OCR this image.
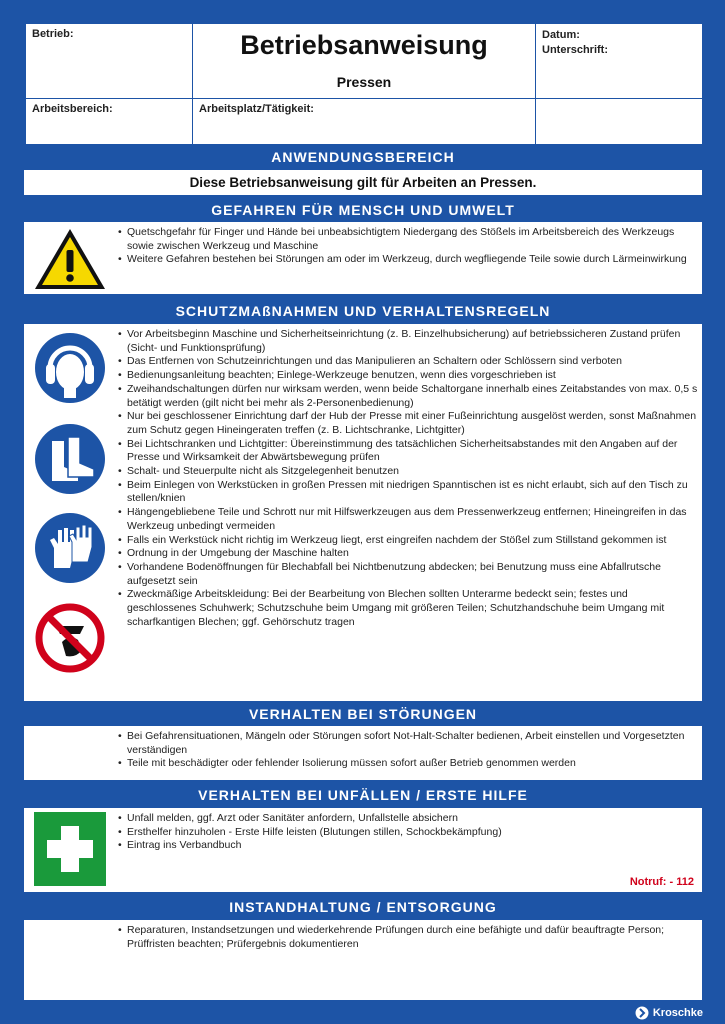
Betrieb:	Betriebsanweisung
Pressen
Datum:
Unterschrift:
Arbeitsbereich:	Arbeitsplatz/Tätigkeit:
ANWENDUNGSBEREICH
Diese Betriebsanweisung gilt für Arbeiten an Pressen.
GEFAHREN FÜR MENSCH UND UMWELT
• Quetschgefahr für Finger und Hände bei unbeabsichtigtem Niedergang des Stößels im Arbeitsbereich des Werkzeugs sowie zwischen Werkzeug und Maschine
• Weitere Gefahren bestehen bei Störungen am oder im Werkzeug, durch wegfliegende Teile sowie durch Lärmeinwirkung
SCHUTZMAßNAHMEN UND VERHALTENSREGELN
• Vor Arbeitsbeginn Maschine und Sicherheitseinrichtung (z. B. Einzelhubsicherung) auf betriebssicheren Zustand prüfen (Sicht- und Funktionsprüfung)
• Das Entfernen von Schutzeinrichtungen und das Manipulieren an Schaltern oder Schlössern sind verboten
• Bedienungsanleitung beachten; Einlege-Werkzeuge benutzen, wenn dies vorgeschrieben ist
• Zweihandschaltungen dürfen nur wirksam werden, wenn beide Schaltorgane innerhalb eines Zeitabstandes von max. 0,5 s betätigt werden (gilt nicht bei mehr als 2-Personenbedienung)
• Nur bei geschlossener Einrichtung darf der Hub der Presse mit einer Fußeinrichtung ausgelöst werden, sonst Maßnahmen zum Schutz gegen Hineingeraten treffen (z. B. Lichtschranke, Lichtgitter)
• Bei Lichtschranken und Lichtgitter: Übereinstimmung des tatsächlichen Sicherheitsabstandes mit den Angaben auf der Presse und Wirksamkeit der Abwärtsbewegung prüfen
• Schalt- und Steuerpulte nicht als Sitzgelegenheit benutzen
• Beim Einlegen von Werkstücken in großen Pressen mit niedrigen Spanntischen ist es nicht erlaubt, sich auf den Tisch zu stellen/knien
• Hängengebliebene Teile und Schrott nur mit Hilfswerkzeugen aus dem Pressenwerkzeug entfernen; Hineingreifen in das Werkzeug unbedingt vermeiden
• Falls ein Werkstück nicht richtig im Werkzeug liegt, erst eingreifen nachdem der Stößel zum Stillstand gekommen ist
• Ordnung in der Umgebung der Maschine halten
• Vorhandene Bodenöffnungen für Blechabfall bei Nichtbenutzung abdecken; bei Benutzung muss eine Abfallrutsche aufgesetzt sein
• Zweckmäßige Arbeitskleidung: Bei der Bearbeitung von Blechen sollten Unterarme bedeckt sein; festes und geschlossenes Schuhwerk; Schutzschuhe beim Umgang mit größeren Teilen; Schutzhandschuhe beim Umgang mit scharfkantigen Blechen; ggf. Gehörschutz tragen
VERHALTEN BEI STÖRUNGEN
• Bei Gefahrensituationen, Mängeln oder Störungen sofort Not-Halt-Schalter bedienen, Arbeit einstellen und Vorgesetzten verständigen
• Teile mit beschädigter oder fehlender Isolierung müssen sofort außer Betrieb genommen werden
VERHALTEN BEI UNFÄLLEN / ERSTE HILFE
• Unfall melden, ggf. Arzt oder Sanitäter anfordern, Unfallstelle absichern
• Ersthelfer hinzuholen - Erste Hilfe leisten (Blutungen stillen, Schockbekämpfung)
• Eintrag ins Verbandbuch
Notruf: - 112
INSTANDHALTUNG / ENTSORGUNG
• Reparaturen, Instandsetzungen und wiederkehrende Prüfungen durch eine befähigte und dafür beauftragte Person; Prüffristen beachten; Prüfergebnis dokumentieren
Kroschke
